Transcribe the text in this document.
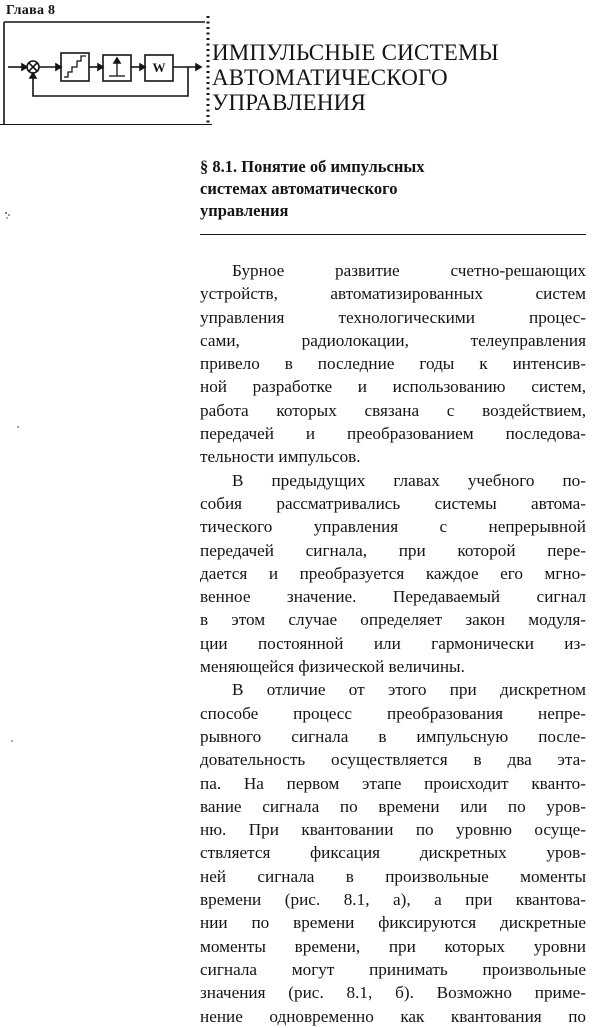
Глава 8
W
ИМПУЛЬСНЫЕ СИСТЕМЫ
АВТОМАТИЧЕСКОГО
УПРАВЛЕНИЯ
§ 8.1. Понятие об импульсных
системах автоматического
управления
Бурное развитие счетно-решающих
устройств, автоматизированных систем
управления технологическими процес-
сами, радиолокации, телеуправления
привело в последние годы к интенсив-
ной разработке и использованию систем,
работа которых связана с воздействием,
передачей и преобразованием последова-
тельности импульсов.
В предыдущих главах учебного по-
собия рассматривались системы автома-
тического управления с непрерывной
передачей сигнала, при которой пере-
дается и преобразуется каждое его мгно-
венное значение. Передаваемый сигнал
в этом случае определяет закон модуля-
ции постоянной или гармонически из-
меняющейся физической величины.
В отличие от этого при дискретном
способе процесс преобразования непре-
рывного сигнала в импульсную после-
довательность осуществляется в два эта-
па. На первом этапе происходит кванто-
вание сигнала по времени или по уров-
ню. При квантовании по уровню осуще-
ствляется фиксация дискретных уров-
ней сигнала в произвольные моменты
времени (рис. 8.1, а), а при квантова-
нии по времени фиксируются дискретные
моменты времени, при которых уровни
сигнала могут принимать произвольные
значения (рис. 8.1, б). Возможно приме-
нение одновременно как квантования по
